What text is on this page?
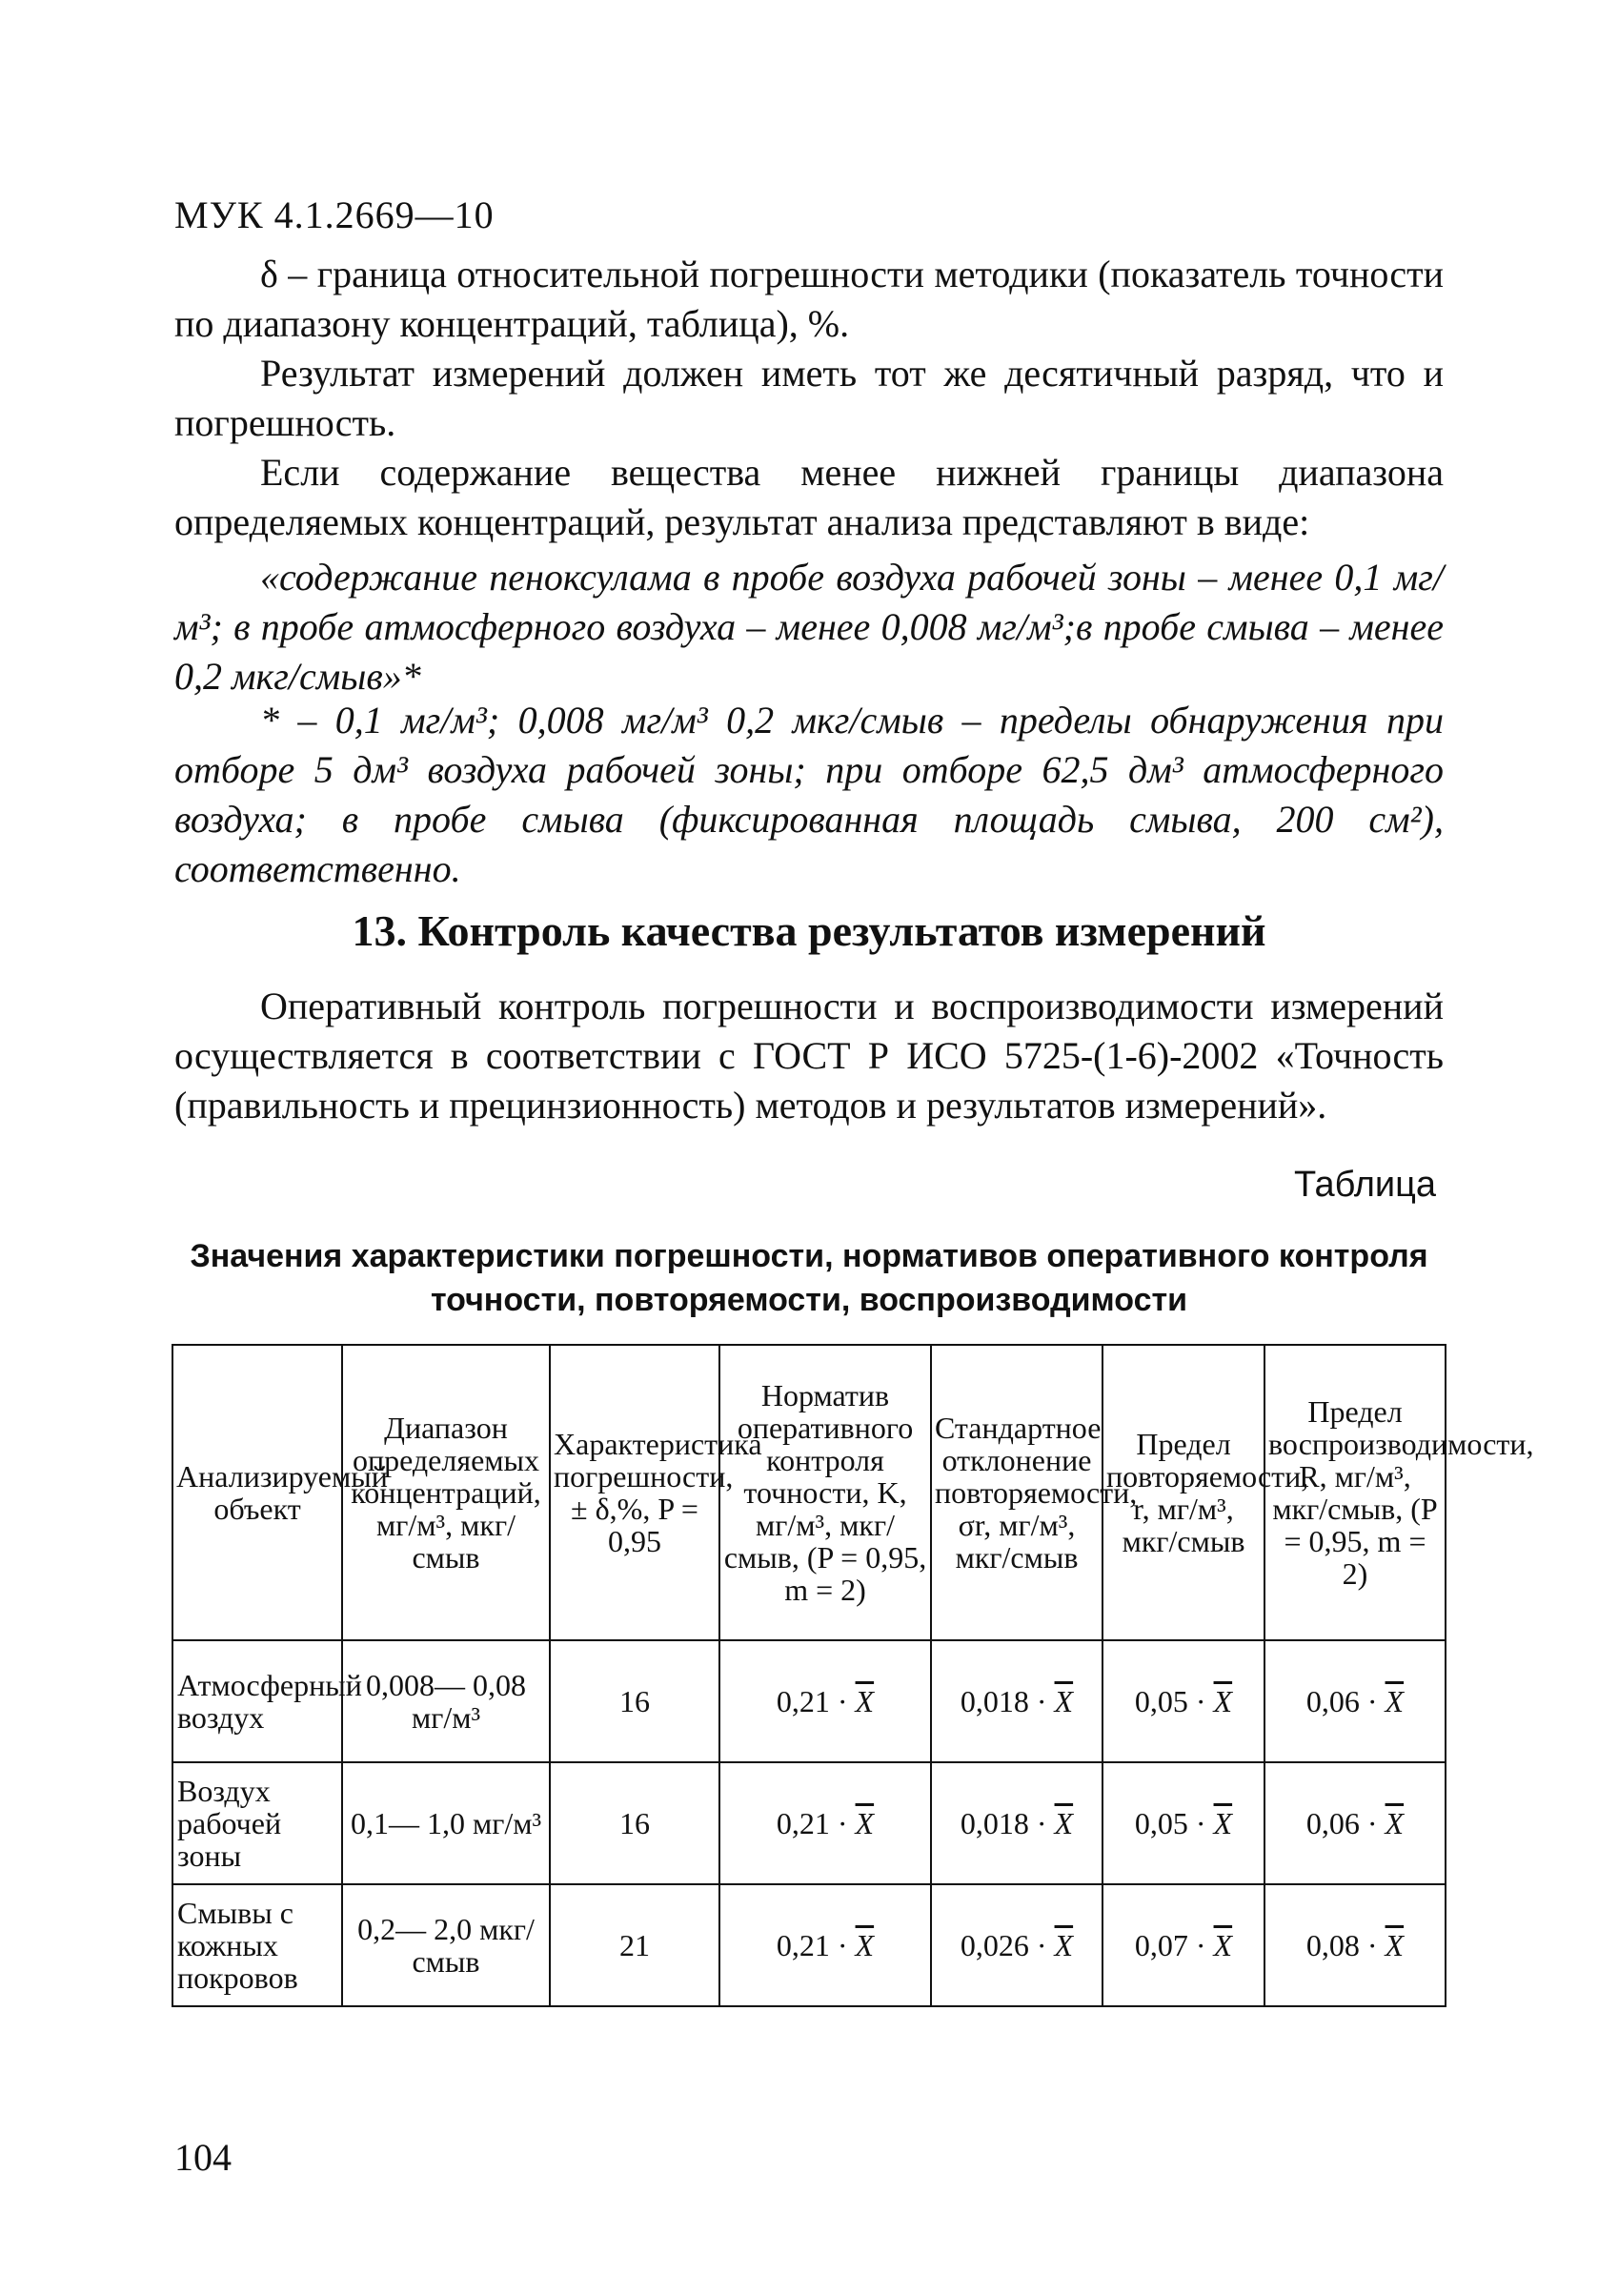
МУК 4.1.2669—10
δ – граница относительной погрешности методики (показатель точности по диапазону концентраций, таблица), %.
Результат измерений должен иметь тот же десятичный разряд, что и погрешность.
Если содержание вещества менее нижней границы диапазона определяемых концентраций, результат анализа представляют в виде:
«содержание пеноксулама в пробе воздуха рабочей зоны – менее 0,1 мг/м³; в пробе атмосферного воздуха – менее 0,008 мг/м³;в пробе смыва – менее 0,2 мкг/смыв»*
* – 0,1 мг/м³; 0,008 мг/м³ 0,2 мкг/смыв – пределы обнаружения при отборе 5 дм³ воздуха рабочей зоны; при отборе 62,5 дм³ атмосферного воздуха; в пробе смыва (фиксированная площадь смыва, 200 см²), соответственно.
13. Контроль качества результатов измерений
Оперативный контроль погрешности и воспроизводимости измерений осуществляется в соответствии с ГОСТ Р ИСО 5725-(1-6)-2002 «Точность (правильность и прецинзионность) методов и результатов измерений».
Таблица
Значения характеристики погрешности, нормативов оперативного контроля точности, повторяемости, воспроизводимости
Анализируемый объект	Диапазон определяемых концентраций, мг/м³, мкг/смыв	Характеристика погрешности, ± δ,%, P = 0,95	Норматив оперативного контроля точности, K, мг/м³, мкг/смыв, (P = 0,95, m = 2)	Стандартное отклонение повторяемости, σr, мг/м³, мкг/смыв	Предел повторяемости, r, мг/м³, мкг/смыв	Предел воспроизводимости, R, мг/м³, мкг/смыв, (P = 0,95, m = 2)
Атмосферный воздух	0,008— 0,08 мг/м³	16	$0,21 \cdot \overline{X}$	$0,018 \cdot \overline{X}$	$0,05 \cdot \overline{X}$	$0,06 \cdot \overline{X}$
Воздух рабочей зоны	0,1— 1,0 мг/м³	16	$0,21 \cdot \overline{X}$	$0,018 \cdot \overline{X}$	$0,05 \cdot \overline{X}$	$0,06 \cdot \overline{X}$
Смывы с кожных покровов	0,2— 2,0 мкг/смыв	21	$0,21 \cdot \overline{X}$	$0,026 \cdot \overline{X}$	$0,07 \cdot \overline{X}$	$0,08 \cdot \overline{X}$
104
